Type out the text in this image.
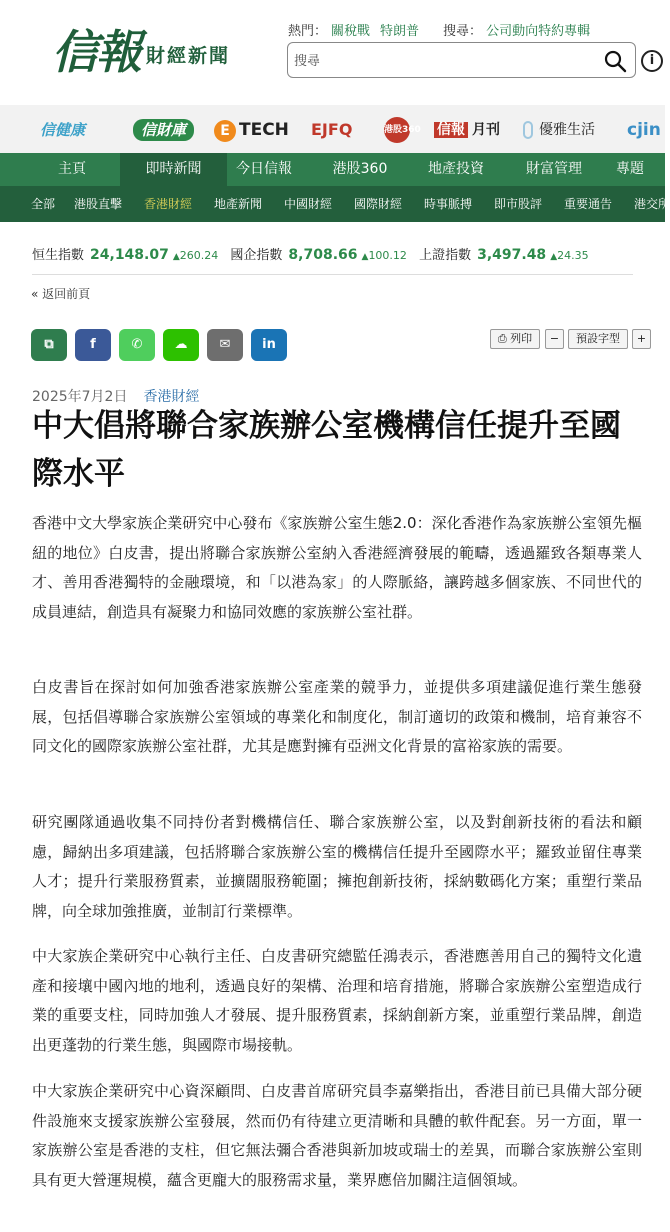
信報 財經新聞
熱門： 關稅戰 特朗普 搜尋： 公司動向特約專輯
搜尋
i
信健康	信財庫	E TECH EJFQ	港股360 信報 月刊	優雅生活 cjin
主頁	即時新聞	今日信報	港股360	地產投資	財富管理	專題
全部 港股直擊 香港財經 地產新聞 中國財經 國際財經 時事脈搏 即市股評 重要通告 港交所
恒生指數 24,148.07 ▲260.24 國企指數 8,708.66 ▲100.12 上證指數 3,497.48 ▲24.35
« 返回前頁
⧉	f	✆	☁	✉	in	⎙ 列印	−	預設字型	+
2025年7月2日 香港財經
中大倡將聯合家族辦公室機構信任提升至國際水平

香港中文大學家族企業研究中心發布《家族辦公室生態2.0：深化香港作為家族辦公室領先樞紐的地位》白皮書，提出將聯合家族辦公室納入香港經濟發展的範疇，透過羅致各類專業人才、善用香港獨特的金融環境，和「以港為家」的人際脈絡，讓跨越多個家族、不同世代的成員連結，創造具有凝聚力和協同效應的家族辦公室社群。

白皮書旨在探討如何加強香港家族辦公室產業的競爭力，並提供多項建議促進行業生態發展，包括倡導聯合家族辦公室領域的專業化和制度化，制訂適切的政策和機制，培育兼容不同文化的國際家族辦公室社群，尤其是應對擁有亞洲文化背景的富裕家族的需要。

研究團隊通過收集不同持份者對機構信任、聯合家族辦公室，以及對創新技術的看法和顧慮，歸納出多項建議，包括將聯合家族辦公室的機構信任提升至國際水平；羅致並留住專業人才；提升行業服務質素，並擴闊服務範圍；擁抱創新技術，採納數碼化方案；重塑行業品牌，向全球加強推廣，並制訂行業標準。

中大家族企業研究中心執行主任、白皮書研究總監任鴻表示，香港應善用自己的獨特文化遺產和接壤中國內地的地利，透過良好的架構、治理和培育措施，將聯合家族辦公室塑造成行業的重要支柱，同時加強人才發展、提升服務質素，採納創新方案，並重塑行業品牌，創造出更蓬勃的行業生態，與國際市場接軌。

中大家族企業研究中心資深顧問、白皮書首席研究員李嘉樂指出，香港目前已具備大部分硬件設施來支援家族辦公室發展，然而仍有待建立更清晰和具體的軟件配套。另一方面，單一家族辦公室是香港的支柱，但它無法彌合香港與新加坡或瑞士的差異，而聯合家族辦公室則具有更大營運規模，蘊含更龐大的服務需求量，業界應倍加關注這個領域。
